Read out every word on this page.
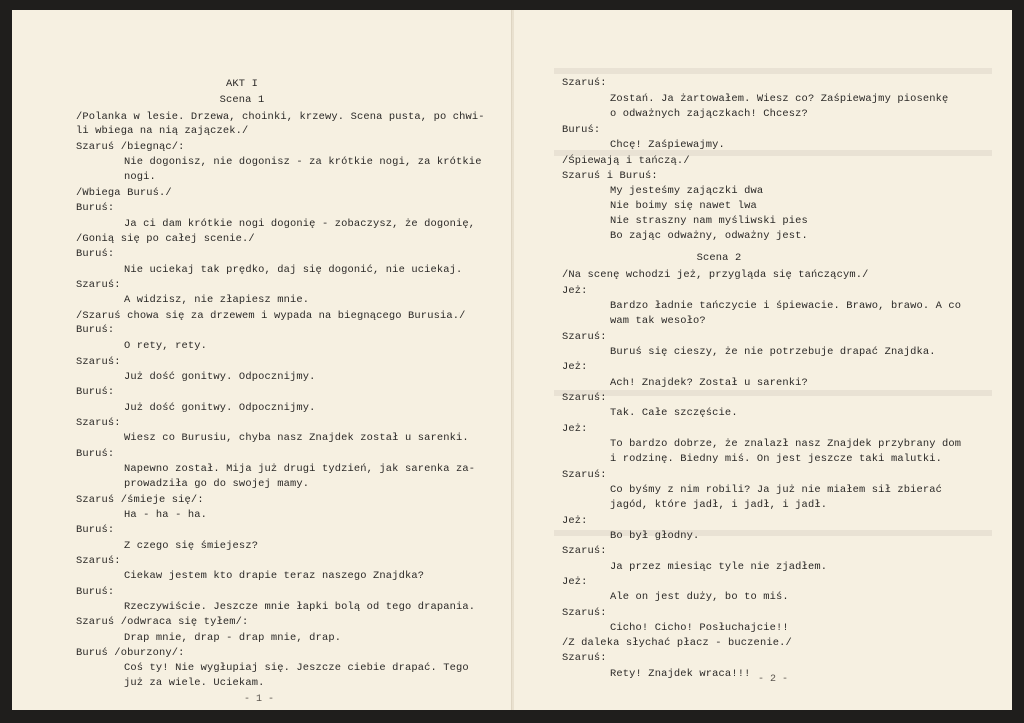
AKT I
Scena 1
/Polanka w lesie. Drzewa, choinki, krzewy. Scena pusta, po chwi-
li wbiega na nią zajączek./
Szaruś /biegnąc/:
Nie dogonisz, nie dogonisz - za krótkie nogi, za krótkie
nogi.
/Wbiega Buruś./
Buruś:
Ja ci dam krótkie nogi dogonię - zobaczysz, że dogonię,
/Gonią się po całej scenie./
Buruś:
Nie uciekaj tak prędko, daj się dogonić, nie uciekaj.
Szaruś:
A widzisz, nie złapiesz mnie.
/Szaruś chowa się za drzewem i wypada na biegnącego Burusia./
Buruś:
O rety, rety.
Szaruś:
Już dość gonitwy. Odpocznijmy.
Buruś:
Już dość gonitwy. Odpocznijmy.
Szaruś:
Wiesz co Burusiu, chyba nasz Znajdek został u sarenki.
Buruś:
Napewno został. Mija już drugi tydzień, jak sarenka za-
prowadziła go do swojej mamy.
Szaruś /śmieje się/:
Ha - ha - ha.
Buruś:
Z czego się śmiejesz?
Szaruś:
Ciekaw jestem kto drapie teraz naszego Znajdka?
Buruś:
Rzeczywiście. Jeszcze mnie łapki bolą od tego drapania.
Szaruś /odwraca się tyłem/:
Drap mnie, drap - drap mnie, drap.
Buruś /oburzony/:
Coś ty! Nie wygłupiaj się. Jeszcze ciebie drapać. Tego
już za wiele. Uciekam.
- 1 -
Szaruś:
Zostań. Ja żartowałem. Wiesz co? Zaśpiewajmy piosenkę
o odważnych zajączkach! Chcesz?
Buruś:
Chcę! Zaśpiewajmy.
/Śpiewają i tańczą./
Szaruś i Buruś:
My jesteśmy zajączki dwa
Nie boimy się nawet lwa
Nie straszny nam myśliwski pies
Bo zając odważny, odważny jest.
Scena 2
/Na scenę wchodzi jeż, przygląda się tańczącym./
Jeż:
Bardzo ładnie tańczycie i śpiewacie. Brawo, brawo. A co
wam tak wesoło?
Szaruś:
Buruś się cieszy, że nie potrzebuje drapać Znajdka.
Jeż:
Ach! Znajdek? Został u sarenki?
Szaruś:
Tak. Całe szczęście.
Jeż:
To bardzo dobrze, że znalazł nasz Znajdek przybrany dom
i rodzinę. Biedny miś. On jest jeszcze taki malutki.
Szaruś:
Co byśmy z nim robili? Ja już nie miałem sił zbierać
jagód, które jadł, i jadł, i jadł.
Jeż:
Bo był głodny.
Szaruś:
Ja przez miesiąc tyle nie zjadłem.
Jeż:
Ale on jest duży, bo to miś.
Szaruś:
Cicho! Cicho! Posłuchajcie!!
/Z daleka słychać płacz - buczenie./
Szaruś:
Rety! Znajdek wraca!!! - 2 -
